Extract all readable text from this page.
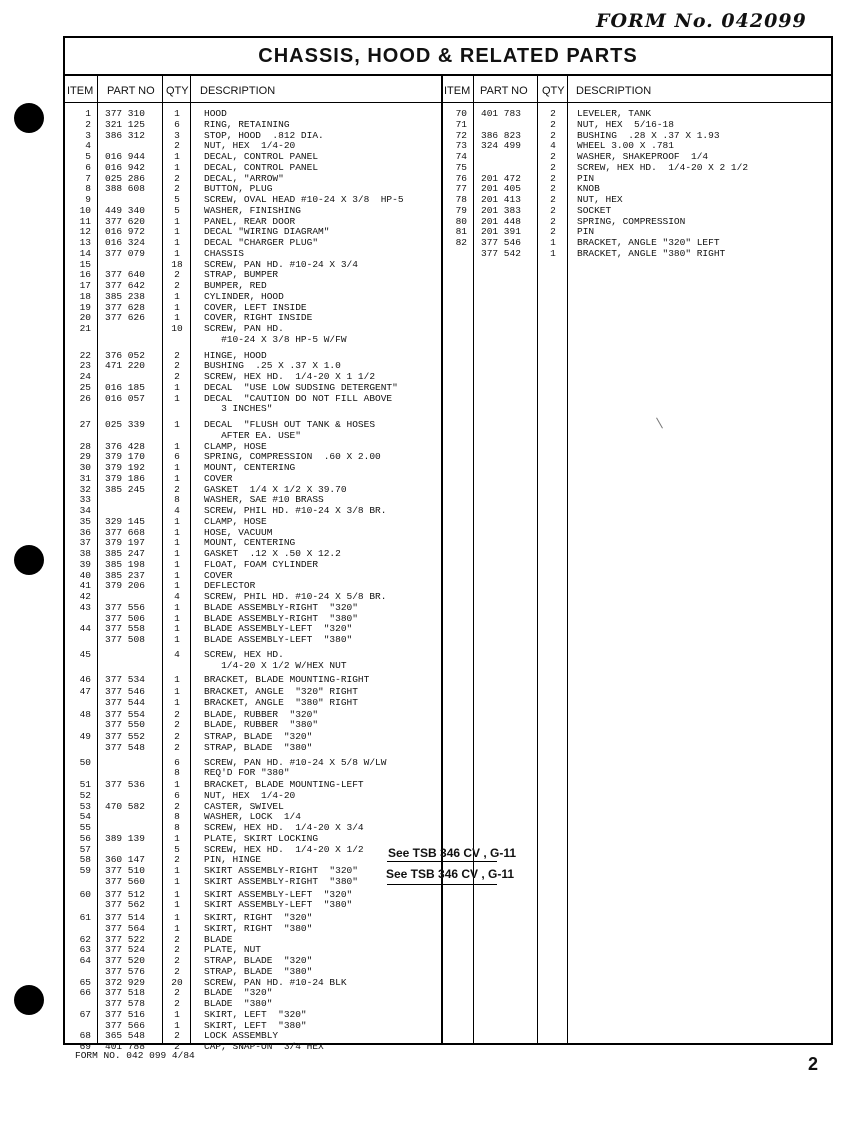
FORM No. 042099
CHASSIS, HOOD & RELATED PARTS
ITEM PART NO QTY DESCRIPTION	ITEM PART NO QTY DESCRIPTION
1 377 310	1	HOOD
2 321 125	6	RING, RETAINING
3 386 312	3	STOP, HOOD  .812 DIA.
4	2	NUT, HEX  1/4-20
5 016 944	1	DECAL, CONTROL PANEL
6 016 942	1	DECAL, CONTROL PANEL
7 025 286	2	DECAL, "ARROW"
8 388 608	2	BUTTON, PLUG
9	5	SCREW, OVAL HEAD #10-24 X 3/8  HP-5
10 449 340	5	WASHER, FINISHING
11 377 620	1	PANEL, REAR DOOR
12 016 972	1	DECAL "WIRING DIAGRAM"
13 016 324	1	DECAL "CHARGER PLUG"
14 377 079	1	CHASSIS
15	18 SCREW, PAN HD. #10-24 X 3/4
16 377 640	2	STRAP, BUMPER
17 377 642	2	BUMPER, RED
18 385 238	1	CYLINDER, HOOD
19 377 628	1	COVER, LEFT INSIDE
20 377 626	1	COVER, RIGHT INSIDE
21	10 SCREW, PAN HD.
#10-24 X 3/8 HP-5 W/FW
22 376 052	2	HINGE, HOOD
23 471 220	2	BUSHING  .25 X .37 X 1.0
24	2	SCREW, HEX HD.  1/4-20 X 1 1/2
25 016 185	1	DECAL  "USE LOW SUDSING DETERGENT"
26 016 057	1	DECAL  "CAUTION DO NOT FILL ABOVE
3 INCHES"
27 025 339	1	DECAL  "FLUSH OUT TANK & HOSES
AFTER EA. USE"
28 376 428	1	CLAMP, HOSE
29 379 170	6	SPRING, COMPRESSION  .60 X 2.00
30 379 192	1	MOUNT, CENTERING
31 379 186	1	COVER
32 385 245	2	GASKET  1/4 X 1/2 X 39.70
33	8	WASHER, SAE #10 BRASS
34	4	SCREW, PHIL HD. #10-24 X 3/8 BR.
35 329 145	1	CLAMP, HOSE
36 377 668	1	HOSE, VACUUM
37 379 197	1	MOUNT, CENTERING
38 385 247	1	GASKET  .12 X .50 X 12.2
39 385 198	1	FLOAT, FOAM CYLINDER
40 385 237	1	COVER
41 379 206	1	DEFLECTOR
42	4	SCREW, PHIL HD. #10-24 X 5/8 BR.
43 377 556	1	BLADE ASSEMBLY-RIGHT  "320"
377 506	1	BLADE ASSEMBLY-RIGHT  "380"
44 377 558	1	BLADE ASSEMBLY-LEFT  "320"
377 508	1	BLADE ASSEMBLY-LEFT  "380"
45	4	SCREW, HEX HD.
1/4-20 X 1/2 W/HEX NUT
46 377 534	1	BRACKET, BLADE MOUNTING-RIGHT
47 377 546	1	BRACKET, ANGLE  "320" RIGHT
377 544	1	BRACKET, ANGLE  "380" RIGHT
48 377 554	2	BLADE, RUBBER  "320"
377 550	2	BLADE, RUBBER  "380"
49 377 552	2	STRAP, BLADE  "320"
377 548	2	STRAP, BLADE  "380"
50	6	SCREW, PAN HD. #10-24 X 5/8 W/LW
8	REQ'D FOR "380"
51 377 536	1	BRACKET, BLADE MOUNTING-LEFT
52	6	NUT, HEX  1/4-20
53 470 582	2	CASTER, SWIVEL
54	8	WASHER, LOCK  1/4
55	8	SCREW, HEX HD.  1/4-20 X 3/4
56 389 139	1	PLATE, SKIRT LOCKING
57	5	SCREW, HEX HD.  1/4-20 X 1/2
58 360 147	2	PIN, HINGE
59 377 510	1	SKIRT ASSEMBLY-RIGHT  "320"
377 560	1	SKIRT ASSEMBLY-RIGHT  "380"
60 377 512	1	SKIRT ASSEMBLY-LEFT  "320"
377 562	1	SKIRT ASSEMBLY-LEFT  "380"
61 377 514	1	SKIRT, RIGHT  "320"
377 564	1	SKIRT, RIGHT  "380"
62 377 522	2	BLADE
63 377 524	2	PLATE, NUT
64 377 520	2	STRAP, BLADE  "320"
377 576	2	STRAP, BLADE  "380"
65 372 929	20 SCREW, PAN HD. #10-24 BLK
66 377 518	2	BLADE  "320"
377 578	2	BLADE  "380"
67 377 516	1	SKIRT, LEFT  "320"
377 566	1	SKIRT, LEFT  "380"
68 365 548	2	LOCK ASSEMBLY
69 401 788	2	CAP, SNAP-ON  3/4 HEX
70 401 783	2	LEVELER, TANK
71	2	NUT, HEX  5/16-18
72 386 823	2	BUSHING  .28 X .37 X 1.93
73 324 499	4	WHEEL 3.00 X .781
74	2	WASHER, SHAKEPROOF  1/4
75	2	SCREW, HEX HD.  1/4-20 X 2 1/2
76 201 472	2	PIN
77 201 405	2	KNOB
78 201 413	2	NUT, HEX
79 201 383	2	SOCKET
80 201 448	2	SPRING, COMPRESSION
81 201 391	2	PIN
82 377 546	1	BRACKET, ANGLE "320" LEFT
377 542	1	BRACKET, ANGLE "380" RIGHT
See TSB 346 CV , G-11
See TSB 346 CV , G-11
FORM NO. 042 099 4/84	2
